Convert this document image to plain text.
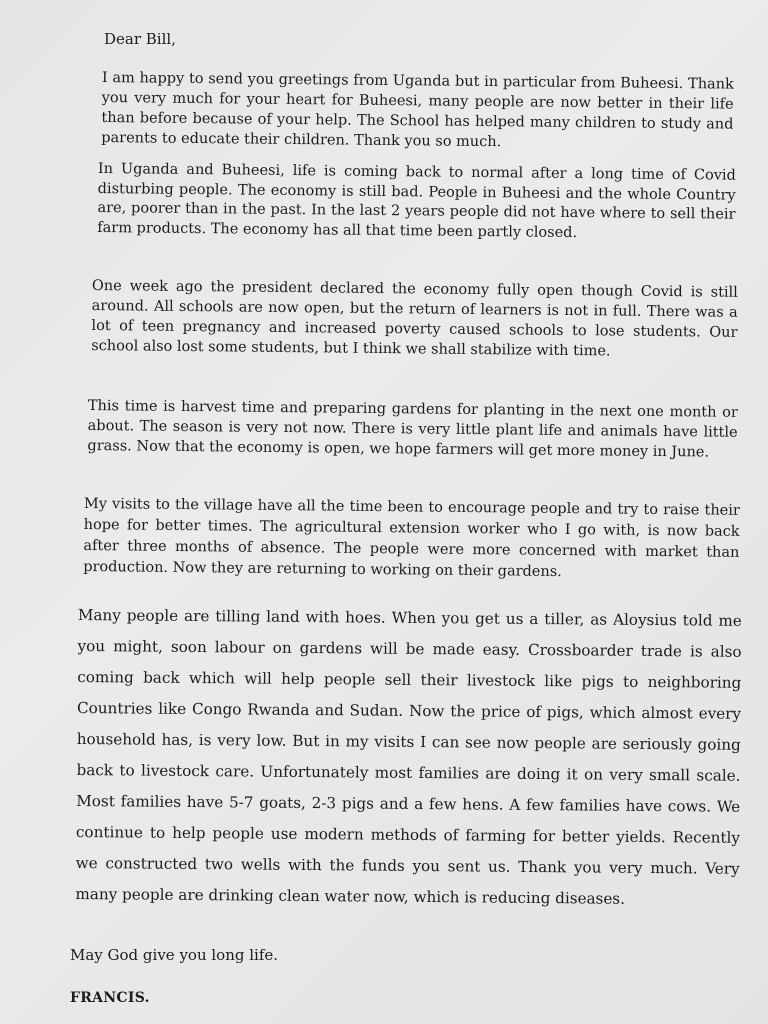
Dear Bill,

I am happy to send you greetings from Uganda but in particular from Buheesi. Thank you very much for your heart for Buheesi, many people are now better in their life than before because of your help. The School has helped many children to study and parents to educate their children. Thank you so much.

In Uganda and Buheesi, life is coming back to normal after a long time of Covid disturbing people. The economy is still bad. People in Buheesi and the whole Country are, poorer than in the past. In the last 2 years people did not have where to sell their farm products. The economy has all that time been partly closed.

One week ago the president declared the economy fully open though Covid is still around. All schools are now open, but the return of learners is not in full. There was a lot of teen pregnancy and increased poverty caused schools to lose students. Our school also lost some students, but I think we shall stabilize with time.

This time is harvest time and preparing gardens for planting in the next one month or about. The season is very not now. There is very little plant life and animals have little grass. Now that the economy is open, we hope farmers will get more money in June.

My visits to the village have all the time been to encourage people and try to raise their hope for better times. The agricultural extension worker who I go with, is now back after three months of absence. The people were more concerned with market than production. Now they are returning to working on their gardens.

Many people are tilling land with hoes. When you get us a tiller, as Aloysius told me you might, soon labour on gardens will be made easy. Crossboarder trade is also coming back which will help people sell their livestock like pigs to neighboring Countries like Congo Rwanda and Sudan. Now the price of pigs, which almost every household has, is very low. But in my visits I can see now people are seriously going back to livestock care. Unfortunately most families are doing it on very small scale. Most families have 5-7 goats, 2-3 pigs and a few hens. A few families have cows. We continue to help people use modern methods of farming for better yields. Recently we constructed two wells with the funds you sent us. Thank you very much. Very many people are drinking clean water now, which is reducing diseases.

May God give you long life.
FRANCIS.
